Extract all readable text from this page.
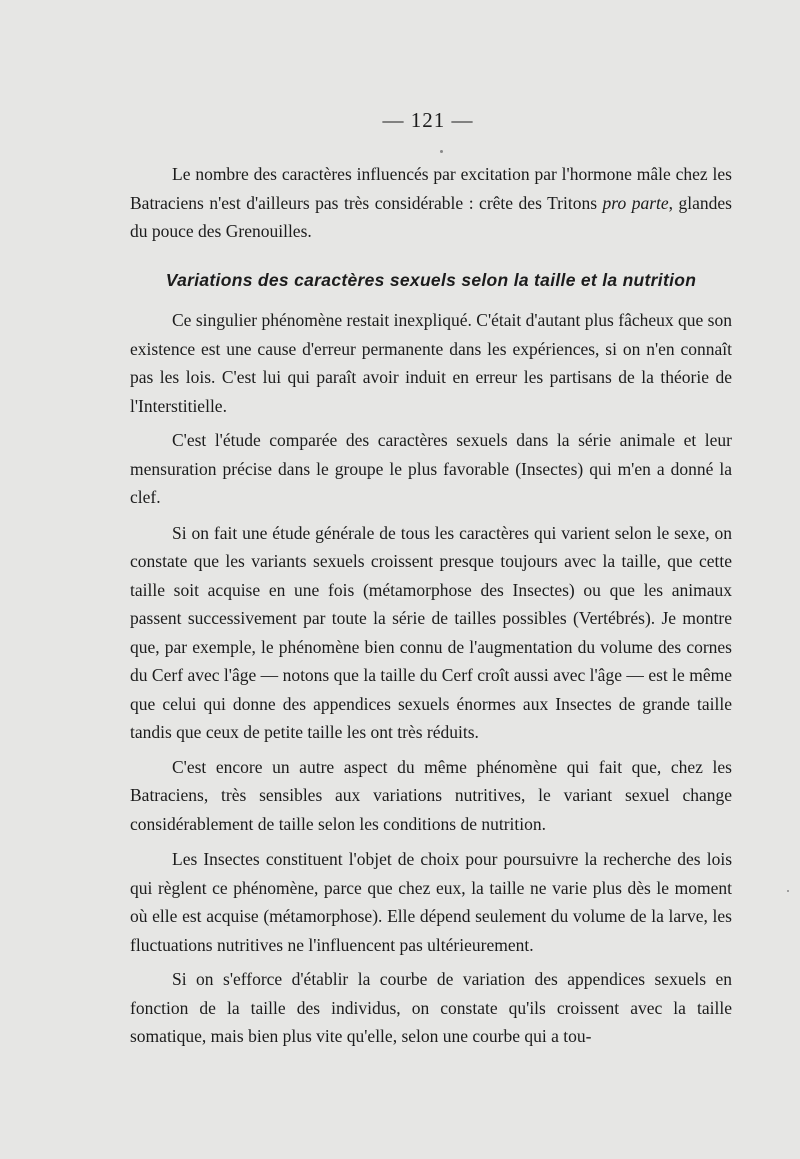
— 121 —

Le nombre des caractères influencés par excitation par l'hormone mâle chez les Batraciens n'est d'ailleurs pas très considérable : crête des Tritons pro parte, glandes du pouce des Grenouilles.

Variations des caractères sexuels selon la taille et la nutrition

Ce singulier phénomène restait inexpliqué. C'était d'autant plus fâcheux que son existence est une cause d'erreur permanente dans les expériences, si on n'en connaît pas les lois. C'est lui qui paraît avoir induit en erreur les partisans de la théorie de l'Interstitielle.

C'est l'étude comparée des caractères sexuels dans la série animale et leur mensuration précise dans le groupe le plus favorable (Insectes) qui m'en a donné la clef.

Si on fait une étude générale de tous les caractères qui varient selon le sexe, on constate que les variants sexuels croissent presque toujours avec la taille, que cette taille soit acquise en une fois (métamorphose des Insectes) ou que les animaux passent successivement par toute la série de tailles possibles (Vertébrés). Je montre que, par exemple, le phénomène bien connu de l'augmentation du volume des cornes du Cerf avec l'âge — notons que la taille du Cerf croît aussi avec l'âge — est le même que celui qui donne des appendices sexuels énormes aux Insectes de grande taille tandis que ceux de petite taille les ont très réduits.

C'est encore un autre aspect du même phénomène qui fait que, chez les Batraciens, très sensibles aux variations nutritives, le variant sexuel change considérablement de taille selon les conditions de nutrition.

Les Insectes constituent l'objet de choix pour poursuivre la recherche des lois qui règlent ce phénomène, parce que chez eux, la taille ne varie plus dès le moment où elle est acquise (métamorphose). Elle dépend seulement du volume de la larve, les fluctuations nutritives ne l'influencent pas ultérieurement.

Si on s'efforce d'établir la courbe de variation des appendices sexuels en fonction de la taille des individus, on constate qu'ils croissent avec la taille somatique, mais bien plus vite qu'elle, selon une courbe qui a tou-
